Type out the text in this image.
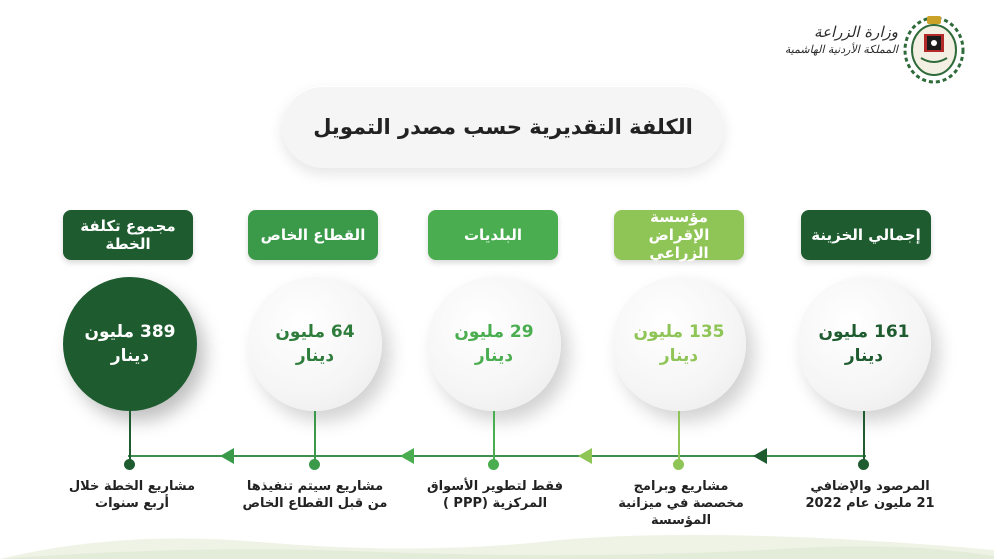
وزارة الزراعة
المملكة الأردنية الهاشمية
الكلفة التقديرية حسب مصدر التمويل
إجمالي الخزينة
مؤسسة الإقراض الزراعي
البلديات
القطاع الخاص
مجموع تكلفة الخطة
161 مليون
دينار
135 مليون
دينار
29 مليون
دينار
64 مليون
دينار
389 مليون
دينار
المرصود والإضافي
21 مليون عام 2022
مشاريع وبرامج
مخصصة في ميزانية
المؤسسة
فقط لتطوير الأسواق
المركزية (PPP )
مشاريع سيتم تنفيذها
من قبل القطاع الخاص
مشاريع الخطة خلال
أربع سنوات
